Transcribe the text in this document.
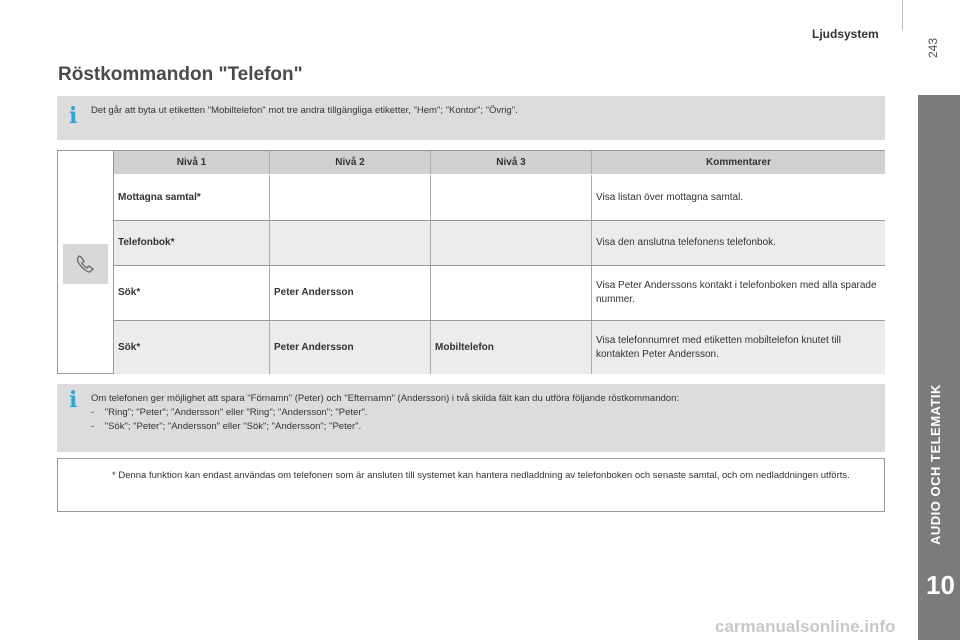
Ljudsystem
243
AUDIO OCH TELEMATIK
10
Röstkommandon "Telefon"
i	Det går att byta ut etiketten "Mobiltelefon" mot tre andra tillgängliga etiketter, "Hem"; "Kontor"; "Övrig".
Nivå 1	Nivå 2	Nivå 3	Kommentarer
Mottagna samtal*			Visa listan över mottagna samtal.
Telefonbok*			Visa den anslutna telefonens telefonbok.
Sök*	Peter Andersson		Visa Peter Anderssons kontakt i telefonboken med alla sparade nummer.
Sök*	Peter Andersson	Mobiltelefon	Visa telefonnumret med etiketten mobiltelefon knutet till kontakten Peter Andersson.
i	Om telefonen ger möjlighet att spara "Förnamn" (Peter) och "Efternamn" (Andersson) i två skilda fält kan du utföra följande röstkommandon:

-    "Ring"; "Peter"; "Andersson" eller "Ring"; "Andersson"; "Peter".

-    "Sök"; "Peter"; "Andersson" eller "Sök"; "Andersson"; "Peter".

* Denna funktion kan endast användas om telefonen som är ansluten till systemet kan hantera nedladdning av telefonboken och senaste samtal, och om nedladdningen utförts.
carmanualsonline.info
